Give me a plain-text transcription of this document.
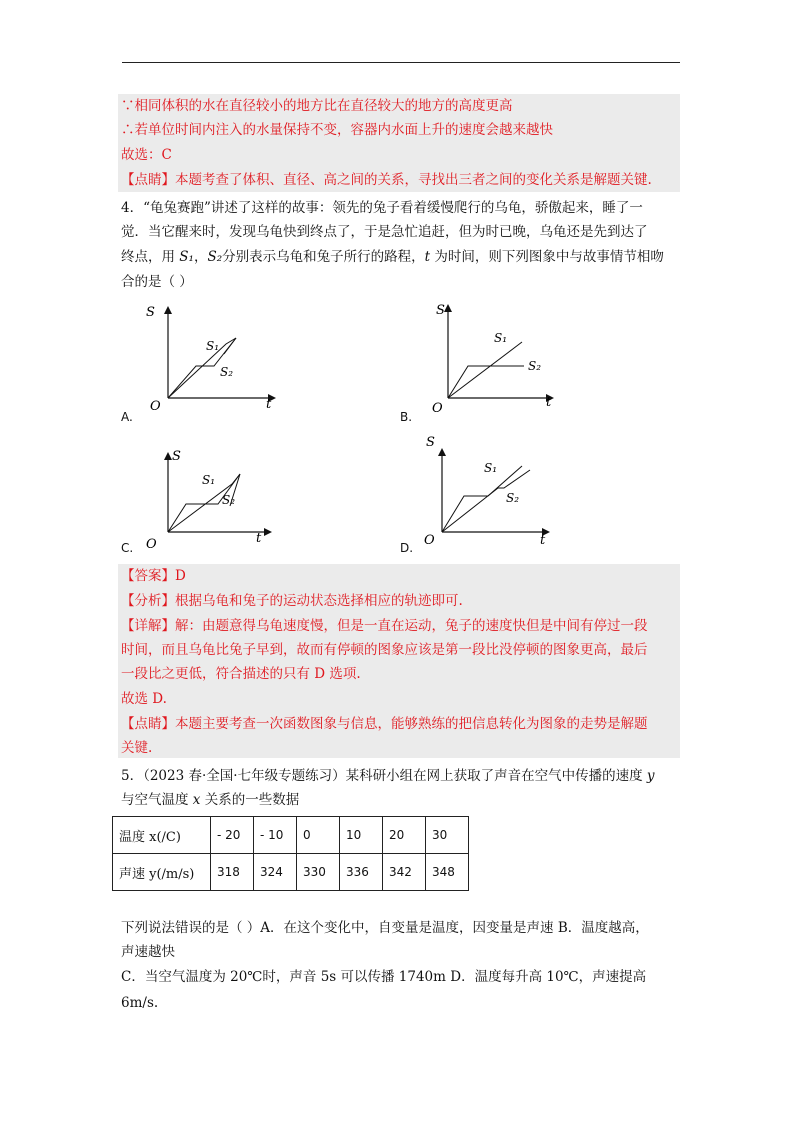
∵相同体积的水在直径较小的地方比在直径较大的地方的高度更高
∴若单位时间内注入的水量保持不变，容器内水面上升的速度会越来越快
故选：C
【点睛】本题考查了体积、直径、高之间的关系，寻找出三者之间的变化关系是解题关键.
4．“龟兔赛跑”讲述了这样的故事：领先的兔子看着缓慢爬行的乌龟，骄傲起来，睡了一
觉．当它醒来时，发现乌龟快到终点了，于是急忙追赶，但为时已晚，乌龟还是先到达了
终点，用 S₁，S₂分别表示乌龟和兔子所行的路程，t 为时间，则下列图象中与故事情节相吻
合的是（ ）
S
O	t
S₁
S₂
A.
S
O	t
S₁
S₂
B.
S
O	t
S₁
S₂
C.
S
O	t
S₁
S₂
D.
【答案】D
【分析】根据乌龟和兔子的运动状态选择相应的轨迹即可.
【详解】解：由题意得乌龟速度慢，但是一直在运动，兔子的速度快但是中间有停过一段
时间，而且乌龟比兔子早到，故而有停顿的图象应该是第一段比没停顿的图象更高，最后
一段比之更低，符合描述的只有 D 选项.
故选 D.
【点睛】本题主要考查一次函数图象与信息，能够熟练的把信息转化为图象的走势是解题
关键.
5．（2023 春·全国·七年级专题练习）某科研小组在网上获取了声音在空气中传播的速度 y
与空气温度 x 关系的一些数据
温度 x(/C)	- 20	- 10	0	10	20	30
声速 y(/m/s)	318	324	330	336	342	348
下列说法错误的是（ ）A．在这个变化中，自变量是温度，因变量是声速 B．温度越高，
声速越快
C．当空气温度为 20℃时，声音 5s 可以传播 1740m D．温度每升高 10℃，声速提高
6m/s.
